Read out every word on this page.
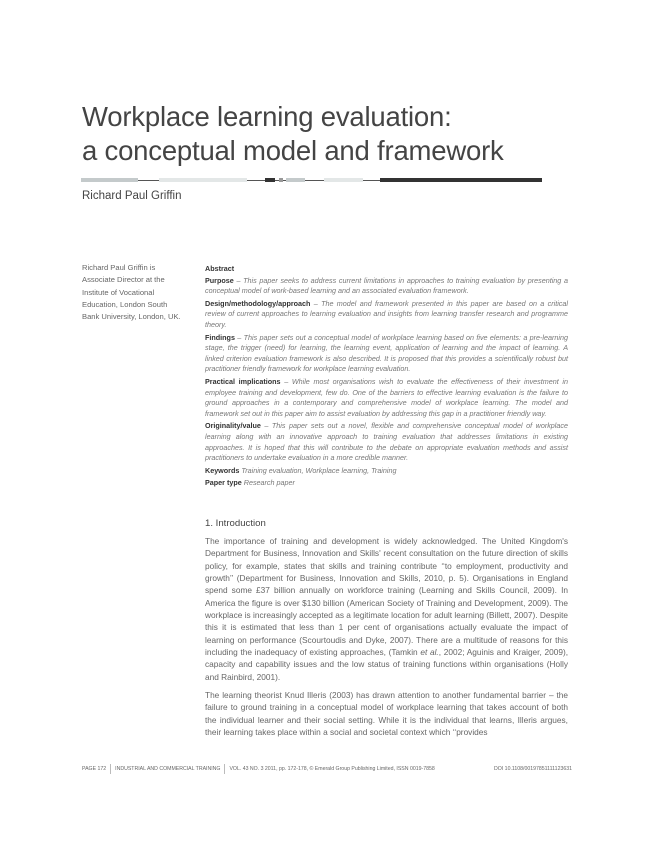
Workplace learning evaluation:
a conceptual model and framework
Richard Paul Griffin
Richard Paul Griffin is Associate Director at the Institute of Vocational Education, London South Bank University, London, UK.

Abstract

Purpose – This paper seeks to address current limitations in approaches to training evaluation by presenting a conceptual model of work-based learning and an associated evaluation framework.

Design/methodology/approach – The model and framework presented in this paper are based on a critical review of current approaches to learning evaluation and insights from learning transfer research and programme theory.

Findings – This paper sets out a conceptual model of workplace learning based on five elements: a pre-learning stage, the trigger (need) for learning, the learning event, application of learning and the impact of learning. A linked criterion evaluation framework is also described. It is proposed that this provides a scientifically robust but practitioner friendly framework for workplace learning evaluation.

Practical implications – While most organisations wish to evaluate the effectiveness of their investment in employee training and development, few do. One of the barriers to effective learning evaluation is the failure to ground approaches in a contemporary and comprehensive model of workplace learning. The model and framework set out in this paper aim to assist evaluation by addressing this gap in a practitioner friendly way.

Originality/value – This paper sets out a novel, flexible and comprehensive conceptual model of workplace learning along with an innovative approach to training evaluation that addresses limitations in existing approaches. It is hoped that this will contribute to the debate on appropriate evaluation methods and assist practitioners to undertake evaluation in a more credible manner.

Keywords Training evaluation, Workplace learning, Training

Paper type Research paper

1. Introduction

The importance of training and development is widely acknowledged. The United Kingdom's Department for Business, Innovation and Skills' recent consultation on the future direction of skills policy, for example, states that skills and training contribute ‘‘to employment, productivity and growth’’ (Department for Business, Innovation and Skills, 2010, p. 5). Organisations in England spend some £37 billion annually on workforce training (Learning and Skills Council, 2009). In America the figure is over $130 billion (American Society of Training and Development, 2009). The workplace is increasingly accepted as a legitimate location for adult learning (Billett, 2007). Despite this it is estimated that less than 1 per cent of organisations actually evaluate the impact of learning on performance (Scourtoudis and Dyke, 2007). There are a multitude of reasons for this including the inadequacy of existing approaches, (Tamkin et al., 2002; Aguinis and Kraiger, 2009), capacity and capability issues and the low status of training functions within organisations (Holly and Rainbird, 2001).

The learning theorist Knud Illeris (2003) has drawn attention to another fundamental barrier – the failure to ground training in a conceptual model of workplace learning that takes account of both the individual learner and their social setting. While it is the individual that learns, Illeris argues, their learning takes place within a social and societal context which ‘‘provides

PAGE 172 INDUSTRIAL AND COMMERCIAL TRAINING VOL. 43 NO. 3 2011, pp. 172-178, © Emerald Group Publishing Limited, ISSN 0019-7858	DOI 10.1108/00197851111123631
